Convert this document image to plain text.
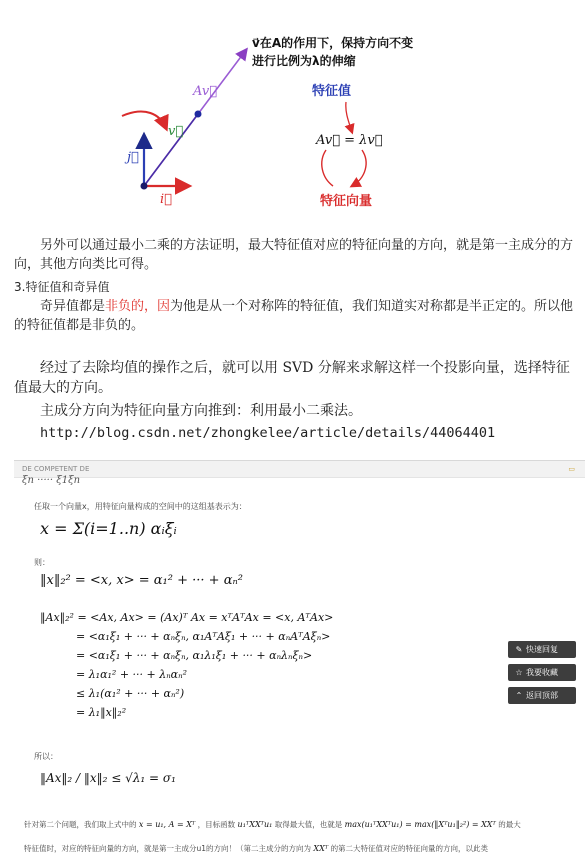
v⃗在A的作用下，保持方向不变
进行比例为λ的伸缩
Av⃗
v⃗
j⃗
i⃗
特征值
Av⃗ = λv⃗
特征向量
另外可以通过最小二乘的方法证明，最大特征值对应的特征向量的方向，就是第一主成分的方向，其他方向类比可得。
3.特征值和奇异值
奇异值都是非负的，因为他是从一个对称阵的特征值，我们知道实对称都是半正定的。所以他的特征值都是非负的。
经过了去除均值的操作之后，就可以用 SVD 分解来求解这样一个投影向量，选择特征值最大的方向。
主成分方向为特征向量方向推到：利用最小二乘法。
http://blog.csdn.net/zhongkelee/article/details/44064401
DE COMPETENT DE	▭
ξn ····· ξ1ξn
任取一个向量x，用特征向量构成的空间中的这组基表示为：
x = Σ(i=1..n) αᵢξᵢ
则：
‖x‖₂² = <x, x> = α₁² + ··· + αₙ²
‖Ax‖₂² = <Ax, Ax> = (Ax)ᵀ Ax = xᵀAᵀAx = <x, AᵀAx>
= <α₁ξ₁ + ··· + αₙξₙ, α₁AᵀAξ₁ + ··· + αₙAᵀAξₙ>
= <α₁ξ₁ + ··· + αₙξₙ, α₁λ₁ξ₁ + ··· + αₙλₙξₙ>
= λ₁α₁² + ··· + λₙαₙ²
≤ λ₁(α₁² + ··· + αₙ²)
= λ₁‖x‖₂²
所以：
‖Ax‖₂ / ‖x‖₂ ≤ √λ₁ = σ₁
针对第二个问题，我们取上式中的 x = u₁, A = Xᵀ ，目标函数 u₁ᵀXXᵀu₁ 取得最大值，也就是 max(u₁ᵀXXᵀu₁) = max(‖Xᵀu₁‖₂²) = XXᵀ 的最大
特征值时，对应的特征向量的方向，就是第一主成分u1的方向！（第二主成分的方向为 XXᵀ 的第二大特征值对应的特征向量的方向，以此类
✎ 快速回复
☆ 我要收藏
⌃ 返回顶部
